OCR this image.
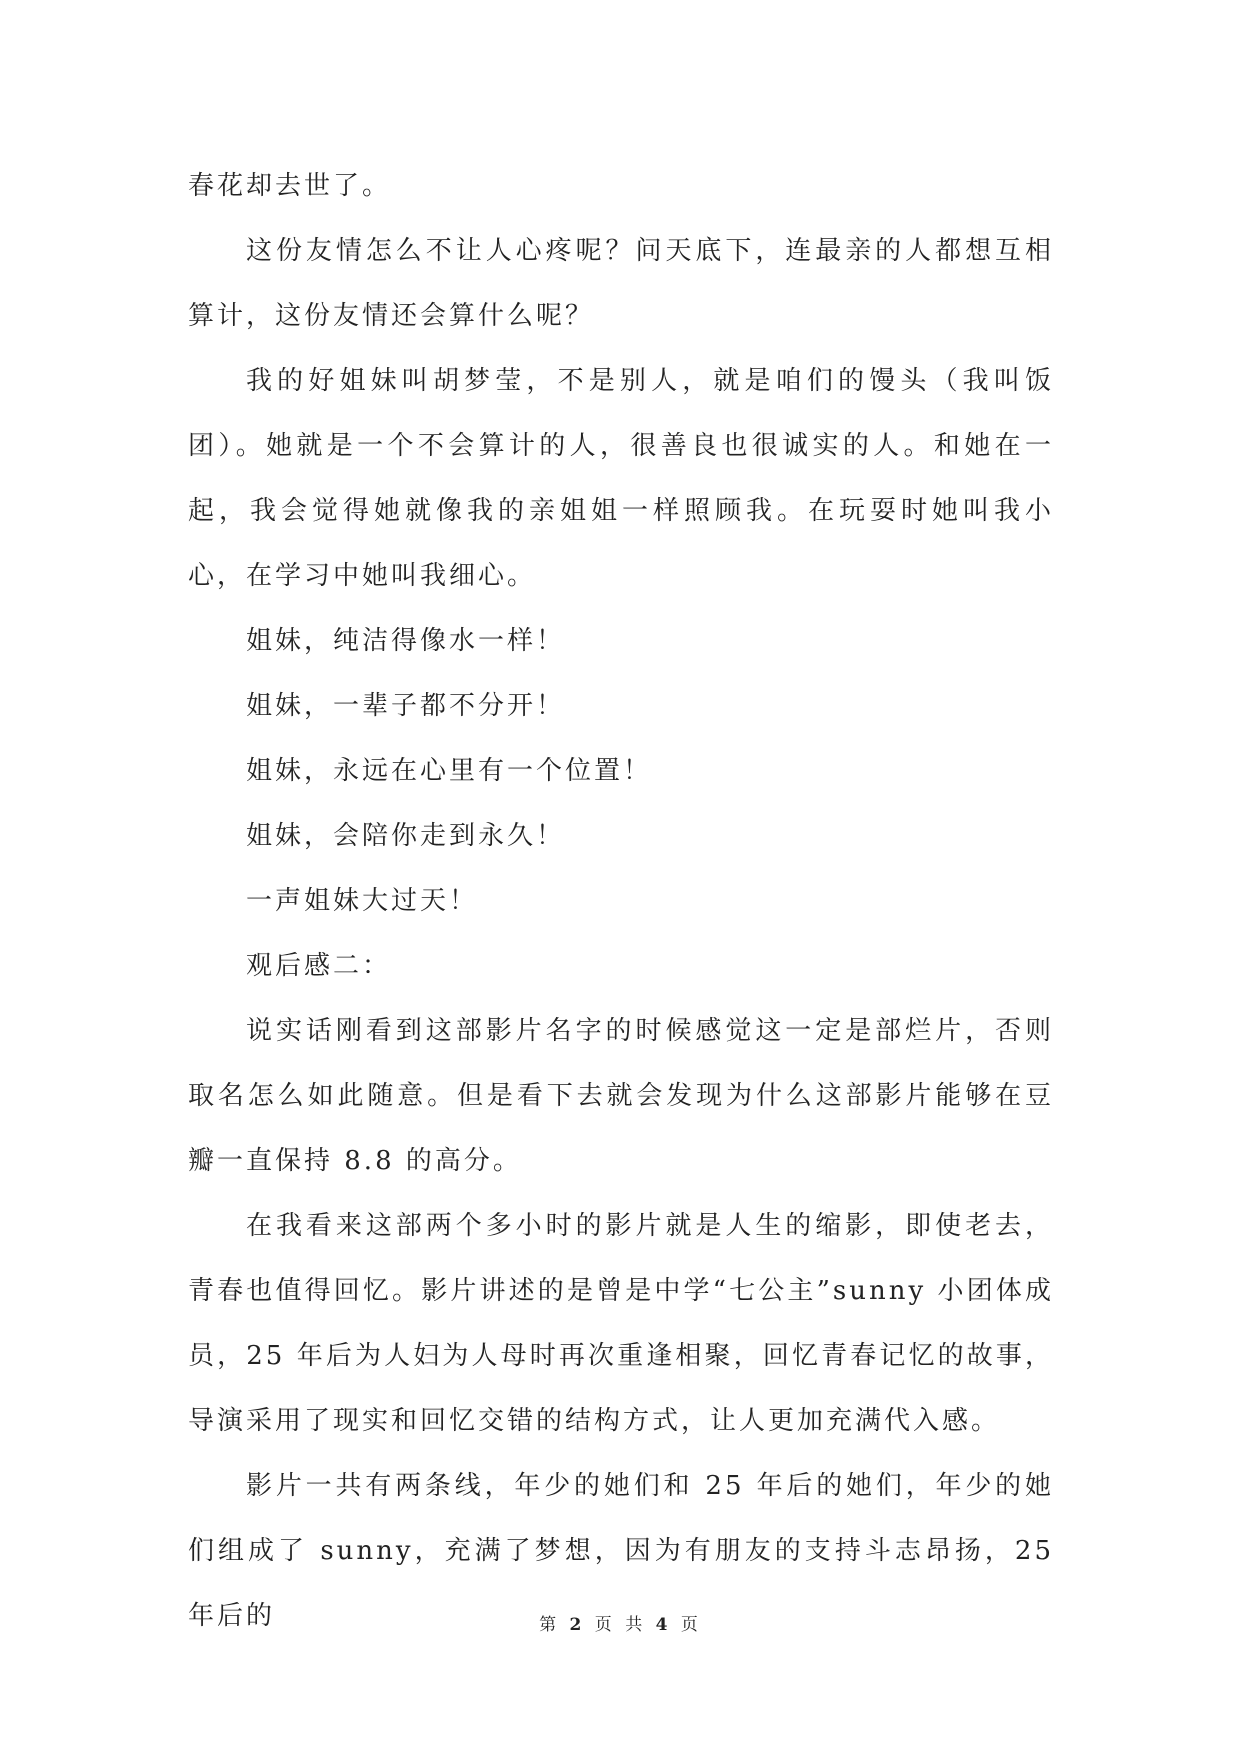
春花却去世了。

这份友情怎么不让人心疼呢？问天底下，连最亲的人都想互相算计，这份友情还会算什么呢？

我的好姐妹叫胡梦莹，不是别人，就是咱们的馒头（我叫饭团）。她就是一个不会算计的人，很善良也很诚实的人。和她在一起，我会觉得她就像我的亲姐姐一样照顾我。在玩耍时她叫我小心，在学习中她叫我细心。

姐妹，纯洁得像水一样！

姐妹，一辈子都不分开！

姐妹，永远在心里有一个位置！

姐妹，会陪你走到永久！

一声姐妹大过天！

观后感二：

说实话刚看到这部影片名字的时候感觉这一定是部烂片，否则取名怎么如此随意。但是看下去就会发现为什么这部影片能够在豆瓣一直保持 8.8 的高分。

在我看来这部两个多小时的影片就是人生的缩影，即使老去，青春也值得回忆。影片讲述的是曾是中学“七公主”sunny 小团体成员，25 年后为人妇为人母时再次重逢相聚，回忆青春记忆的故事，导演采用了现实和回忆交错的结构方式，让人更加充满代入感。

影片一共有两条线，年少的她们和 25 年后的她们，年少的她们组成了 sunny，充满了梦想，因为有朋友的支持斗志昂扬，25 年后的	第 2 页 共 4 页
